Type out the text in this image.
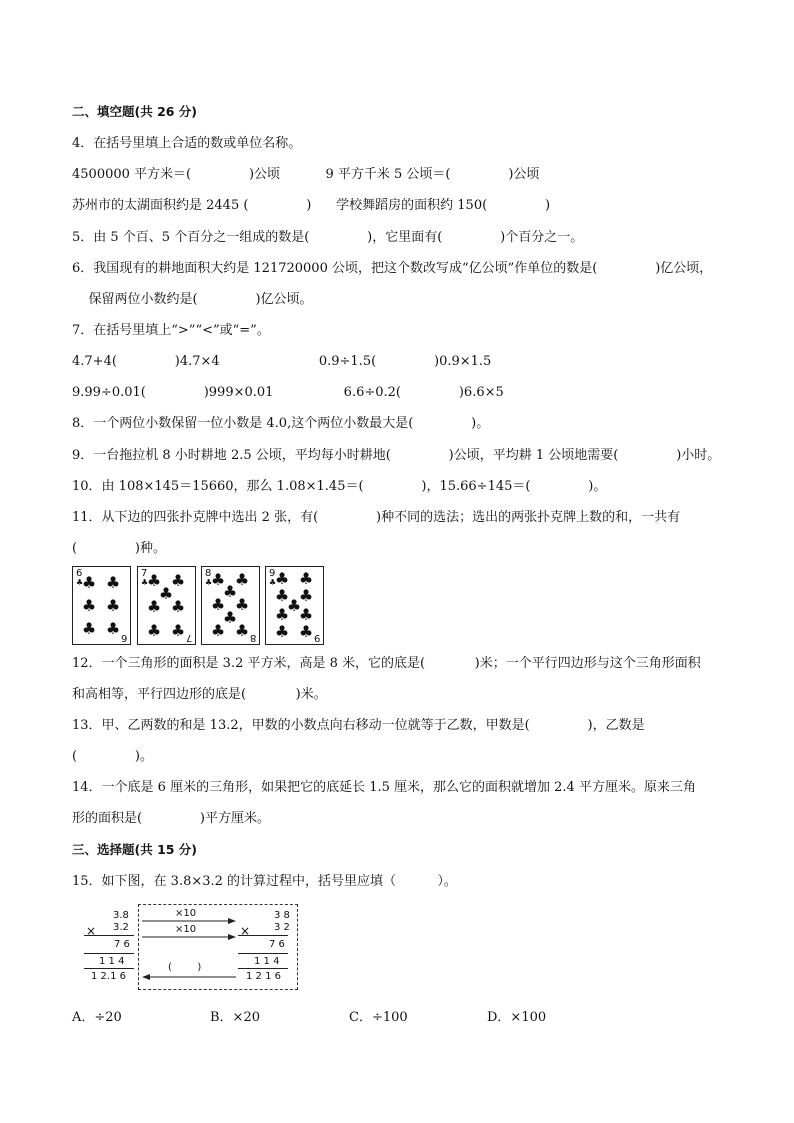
二、填空题(共 26 分)
4．在括号里填上合适的数或单位名称。
4500000 平方米＝(              )公顷           9 平方千米 5 公顷＝(              )公顷
苏州市的太湖面积约是 2445 (              )      学校舞蹈房的面积约 150(              )
5．由 5 个百、5 个百分之一组成的数是(              )，它里面有(              )个百分之一。
6．我国现有的耕地面积大约是 121720000 公顷，把这个数改写成“亿公顷”作单位的数是(              )亿公顷，
保留两位小数约是(              )亿公顷。
7．在括号里填上“>”“<”或“=”。
4.7+4(              )4.7×4                        0.9÷1.5(              )0.9×1.5
9.99÷0.01(              )999×0.01                 6.6÷0.2(              )6.6×5
8．一个两位小数保留一位小数是 4.0,这个两位小数最大是(              )。
9．一台拖拉机 8 小时耕地 2.5 公顷，平均每小时耕地(              )公顷，平均耕 1 公顷地需要(              )小时。
10．由 108×145＝15660，那么 1.08×1.45＝(              )，15.66÷145＝(              )。
11．从下边的四张扑克牌中选出 2 张，有(              )种不同的选法；选出的两张扑克牌上数的和，一共有
(              )种。
6
♣
♣ ♣
♣ ♣
♣ ♣ 6
7
♣
♣ ♣
♣
♣ ♣
♣ ♣ 7
8
♣
♣ ♣
♣
♣ ♣
♣
♣ ♣ 8
9
♣
♣ ♣
♣ ♣
♣
♣ ♣
♣ ♣ 9
12．一个三角形的面积是 3.2 平方米，高是 8 米，它的底是(            )米；一个平行四边形与这个三角形面积
和高相等，平行四边形的底是(            )米。
13．甲、乙两数的和是 13.2，甲数的小数点向右移动一位就等于乙数，甲数是(              )，乙数是
(              )。
14．一个底是 6 厘米的三角形，如果把它的底延长 1.5 厘米，那么它的面积就增加 2.4 平方厘米。原来三角
形的面积是(              )平方厘米。
三、选择题(共 15 分)
15．如下图，在 3.8×3.2 的计算过程中，括号里应填（          ）。
3.8
× 3.2
7 6
1 1 4
1 2.1 6
×10
×10
(        )
3 8
× 3 2
7 6
1 1 4
1 2 1 6
A．÷20	B．×20	C．÷100	D．×100
